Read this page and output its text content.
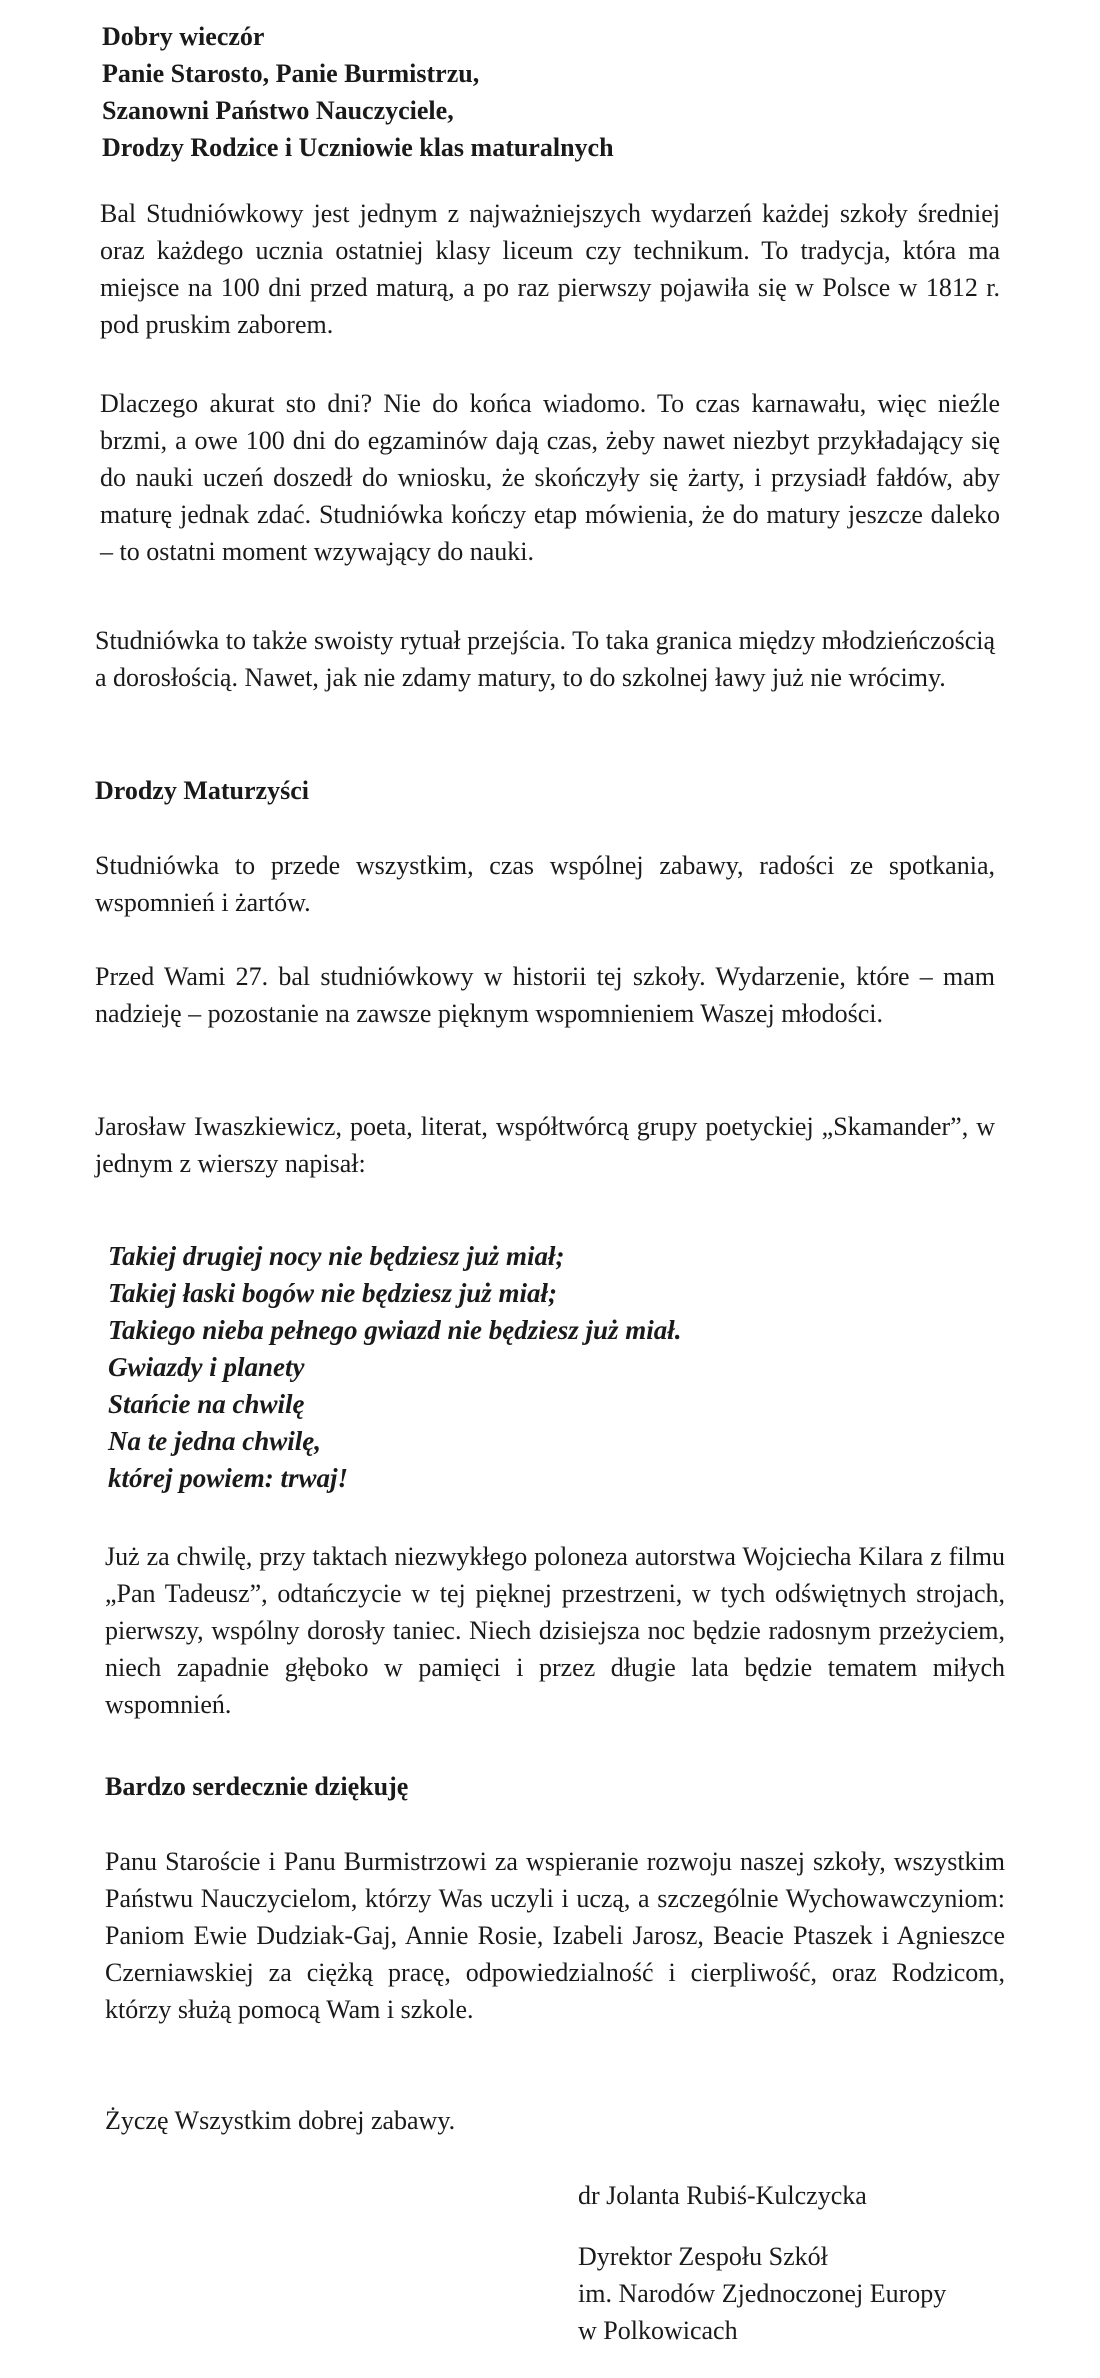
Dobry wieczór
Panie Starosto, Panie Burmistrzu,
Szanowni Państwo Nauczyciele,
Drodzy Rodzice i Uczniowie klas maturalnych

Bal Studniówkowy jest jednym z najważniejszych wydarzeń każdej szkoły średniej oraz każdego ucznia ostatniej klasy liceum czy technikum. To tradycja, która ma miejsce na 100 dni przed maturą, a po raz pierwszy pojawiła się w Polsce w 1812 r. pod pruskim zaborem.

Dlaczego akurat sto dni? Nie do końca wiadomo. To czas karnawału, więc nieźle brzmi, a owe 100 dni do egzaminów dają czas, żeby nawet niezbyt przykładający się do nauki uczeń doszedł do wniosku, że skończyły się żarty, i przysiadł fałdów, aby maturę jednak zdać. Studniówka kończy etap mówienia, że do matury jeszcze daleko – to ostatni moment wzywający do nauki.

Studniówka to także swoisty rytuał przejścia. To taka granica między młodzieńczością a dorosłością. Nawet, jak nie zdamy matury, to do szkolnej ławy już nie wrócimy.

Drodzy Maturzyści

Studniówka to przede wszystkim, czas wspólnej zabawy, radości ze spotkania, wspomnień i żartów.

Przed Wami 27. bal studniówkowy w historii tej szkoły. Wydarzenie, które – mam nadzieję – pozostanie na zawsze pięknym wspomnieniem Waszej młodości.

Jarosław Iwaszkiewicz, poeta, literat, współtwórcą grupy poetyckiej „Skamander”, w jednym z wierszy napisał:

Takiej drugiej nocy nie będziesz już miał;
Takiej łaski bogów nie będziesz już miał;
Takiego nieba pełnego gwiazd nie będziesz już miał.
Gwiazdy i planety
Stańcie na chwilę
Na te jedna chwilę,
której powiem: trwaj!

Już za chwilę, przy taktach niezwykłego poloneza autorstwa Wojciecha Kilara z filmu „Pan Tadeusz”, odtańczycie w tej pięknej przestrzeni, w tych odświętnych strojach, pierwszy, wspólny dorosły taniec. Niech dzisiejsza noc będzie radosnym przeżyciem, niech zapadnie głęboko w pamięci i przez długie lata będzie tematem miłych wspomnień.

Bardzo serdecznie dziękuję

Panu Staroście i Panu Burmistrzowi za wspieranie rozwoju naszej szkoły, wszystkim Państwu Nauczycielom, którzy Was uczyli i uczą, a szczególnie Wychowawczyniom: Paniom Ewie Dudziak-Gaj, Annie Rosie, Izabeli Jarosz, Beacie Ptaszek i Agnieszce Czerniawskiej za ciężką pracę, odpowiedzialność i cierpliwość, oraz Rodzicom, którzy służą pomocą Wam i szkole.

Życzę Wszystkim dobrej zabawy.

dr Jolanta Rubiś-Kulczycka

Dyrektor Zespołu Szkół
im. Narodów Zjednoczonej Europy
w Polkowicach
